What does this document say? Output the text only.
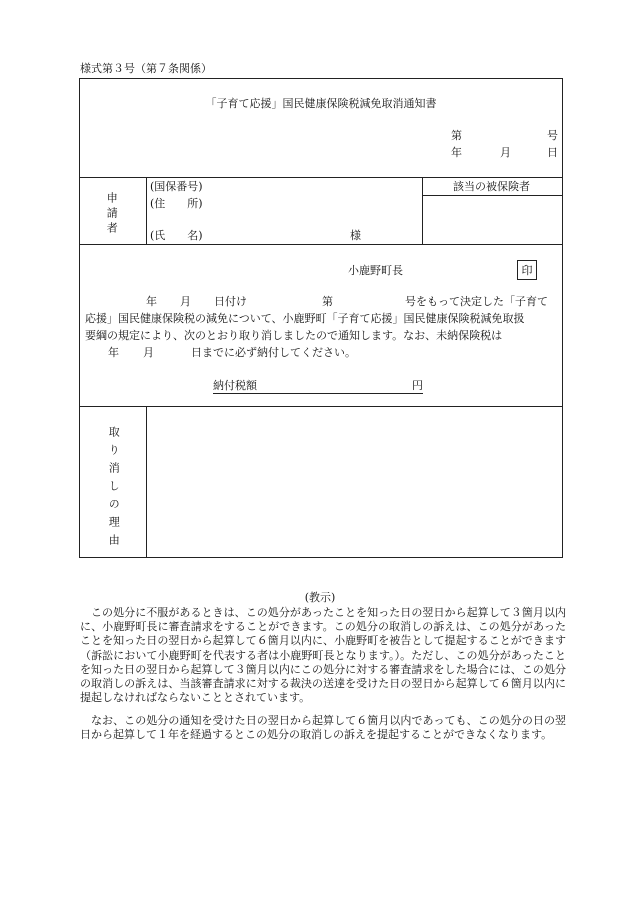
様式第３号（第７条関係）
「子育て応援」国民健康保険税減免取消通知書
第	号
年	月	日
申請者
(国保番号)
(住　　所)
(氏　　名)	様
該当の被保険者
小鹿野町長	印
年 月 日付け	第	号をもって決定した「子育て
応援」国民健康保険税の減免について、小鹿野町「子育て応援」国民健康保険税減免取扱
要綱の規定により、次のとおり取り消しましたので通知します。なお、未納保険税は
年 月	日までに必ず納付してください。
納付税額	円
取り消しの理由
(教示)
この処分に不服があるときは、この処分があったことを知った日の翌日から起算して３箇月以内に、小鹿野町長に審査請求をすることができます。この処分の取消しの訴えは、この処分があったことを知った日の翌日から起算して６箇月以内に、小鹿野町を被告として提起することができます（訴訟において小鹿野町を代表する者は小鹿野町長となります。）。ただし、この処分があったことを知った日の翌日から起算して３箇月以内にこの処分に対する審査請求をした場合には、この処分の取消しの訴えは、当該審査請求に対する裁決の送達を受けた日の翌日から起算して６箇月以内に提起しなければならないこととされています。
なお、この処分の通知を受けた日の翌日から起算して６箇月以内であっても、この処分の日の翌日から起算して１年を経過するとこの処分の取消しの訴えを提起することができなくなります。
